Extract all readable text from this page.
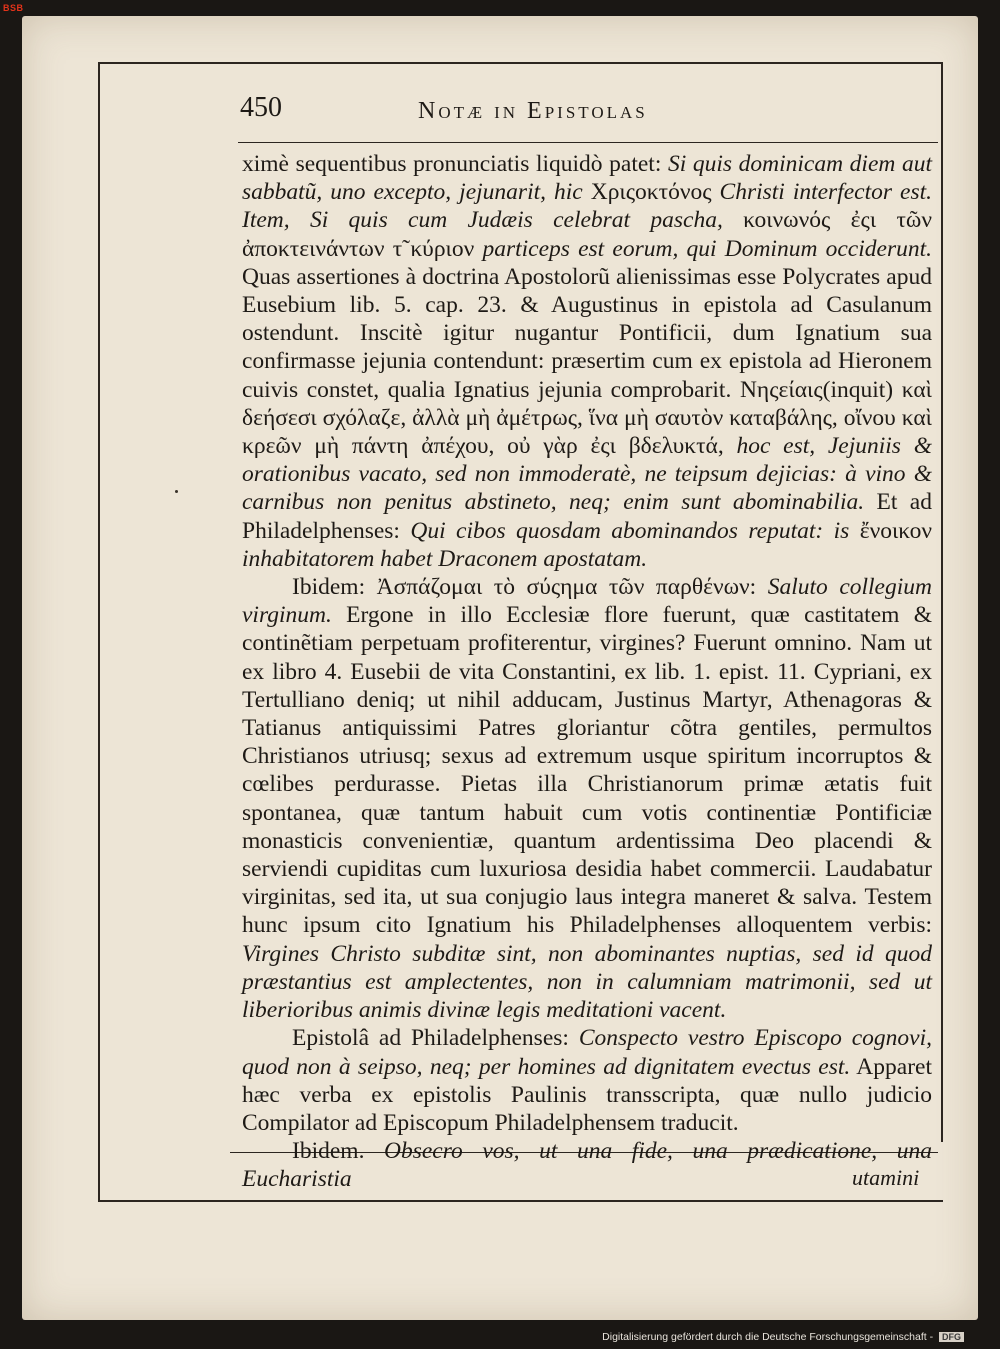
BSB
450	Notæ in Epistolas

ximè sequentibus pronunciatis liquidò patet: Si quis dominicam diem aut sabbatũ, uno excepto, jejunarit, hic Χριςοκτόνος Christi interfector est. Item, Si quis cum Judæis celebrat pascha, κοινωνός ἐςι τῶν ἀποκτεινάντων τ̃ κύριον particeps est eorum, qui Dominum occiderunt. Quas assertiones à doctrina Apostolorũ alienissimas esse Polycrates apud Eusebium lib. 5. cap. 23. & Augustinus in epistola ad Casulanum ostendunt. Inscitè igitur nugantur Pontificii, dum Ignatium sua confirmasse jejunia contendunt: præsertim cum ex epistola ad Hieronem cuivis constet, qualia Ignatius jejunia comprobarit. Νηςείαις(inquit) καὶ δεήσεσι σχόλαζε, ἀλλὰ μὴ ἀμέτρως, ἵνα μὴ σαυτὸν καταβάλης, οἴνου καὶ κρεῶν μὴ πάντη ἀπέχου, οὐ γὰρ ἐςι βδελυκτά, hoc est, Jejuniis & orationibus vacato, sed non immoderatè, ne teipsum dejicias: à vino & carnibus non penitus abstineto, neq; enim sunt abominabilia. Et ad Philadelphenses: Qui cibos quosdam abominandos reputat: is ἔνοικον inhabitatorem habet Draconem apostatam.

Ibidem: Ἀσπάζομαι τὸ σύςημα τῶν παρθένων: Saluto collegium virginum. Ergone in illo Ecclesiæ flore fuerunt, quæ castitatem & continẽtiam perpetuam profiterentur, virgines? Fuerunt omnino. Nam ut ex libro 4. Eusebii de vita Constantini, ex lib. 1. epist. 11. Cypriani, ex Tertulliano deniq; ut nihil adducam, Justinus Martyr, Athenagoras & Tatianus antiquissimi Patres gloriantur cõtra gentiles, permultos Christianos utriusq; sexus ad extremum usque spiritum incorruptos & cœlibes perdurasse. Pietas illa Christianorum primæ ætatis fuit spontanea, quæ tantum habuit cum votis continentiæ Pontificiæ monasticis convenientiæ, quantum ardentissima Deo placendi & serviendi cupiditas cum luxuriosa desidia habet commercii. Laudabatur virginitas, sed ita, ut sua conjugio laus integra maneret & salva. Testem hunc ipsum cito Ignatium his Philadelphenses alloquentem verbis: Virgines Christo subditæ sint, non abominantes nuptias, sed id quod præstantius est amplectentes, non in calumniam matrimonii, sed ut liberioribus animis divinæ legis meditationi vacent.

Epistolâ ad Philadelphenses: Conspecto vestro Episcopo cognovi, quod non à seipso, neq; per homines ad dignitatem evectus est. Apparet hæc verba ex epistolis Paulinis transscripta, quæ nullo judicio Compilator ad Episcopum Philadelphensem traducit.

Ibidem. Obsecro vos, ut una fide, una prædicatione, una Eucharistia	utamini
Digitalisierung gefördert durch die Deutsche Forschungsgemeinschaft - DFG
